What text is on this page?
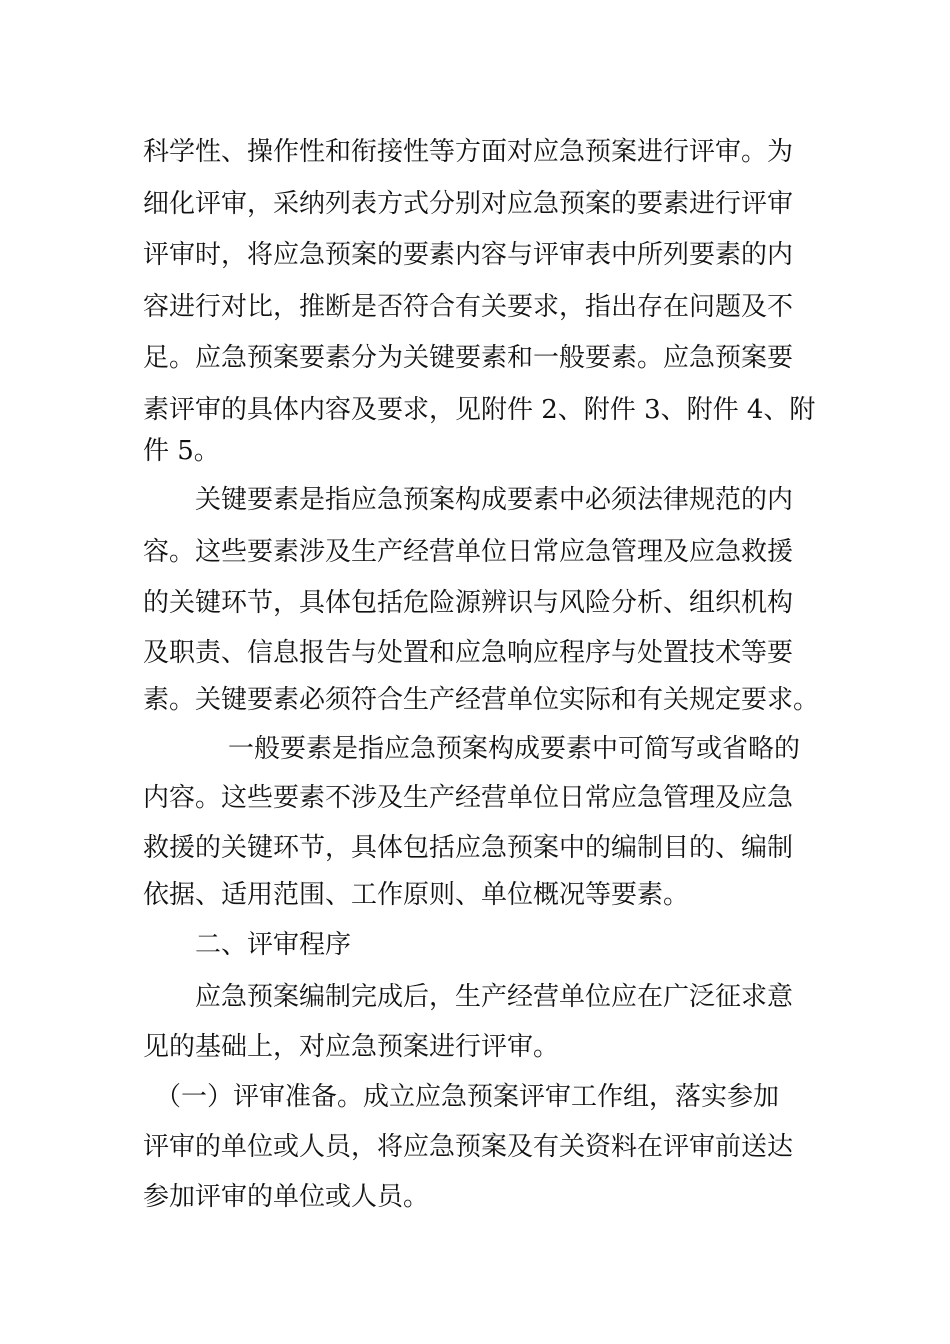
科学性、操作性和衔接性等方面对应急预案进行评审。为
细化评审，采纳列表方式分别对应急预案的要素进行评审
评审时，将应急预案的要素内容与评审表中所列要素的内
容进行对比，推断是否符合有关要求，指出存在问题及不
足。应急预案要素分为关键要素和一般要素。应急预案要
素评审的具体内容及要求，见附件 2、附件 3、附件 4、附
件 5。
关键要素是指应急预案构成要素中必须法律规范的内
容。这些要素涉及生产经营单位日常应急管理及应急救援
的关键环节，具体包括危险源辨识与风险分析、组织机构
及职责、信息报告与处置和应急响应程序与处置技术等要
素。关键要素必须符合生产经营单位实际和有关规定要求。
一般要素是指应急预案构成要素中可简写或省略的
内容。这些要素不涉及生产经营单位日常应急管理及应急
救援的关键环节，具体包括应急预案中的编制目的、编制
依据、适用范围、工作原则、单位概况等要素。
二、评审程序
应急预案编制完成后，生产经营单位应在广泛征求意
见的基础上，对应急预案进行评审。
（一）评审准备。成立应急预案评审工作组，落实参加
评审的单位或人员，将应急预案及有关资料在评审前送达
参加评审的单位或人员。
